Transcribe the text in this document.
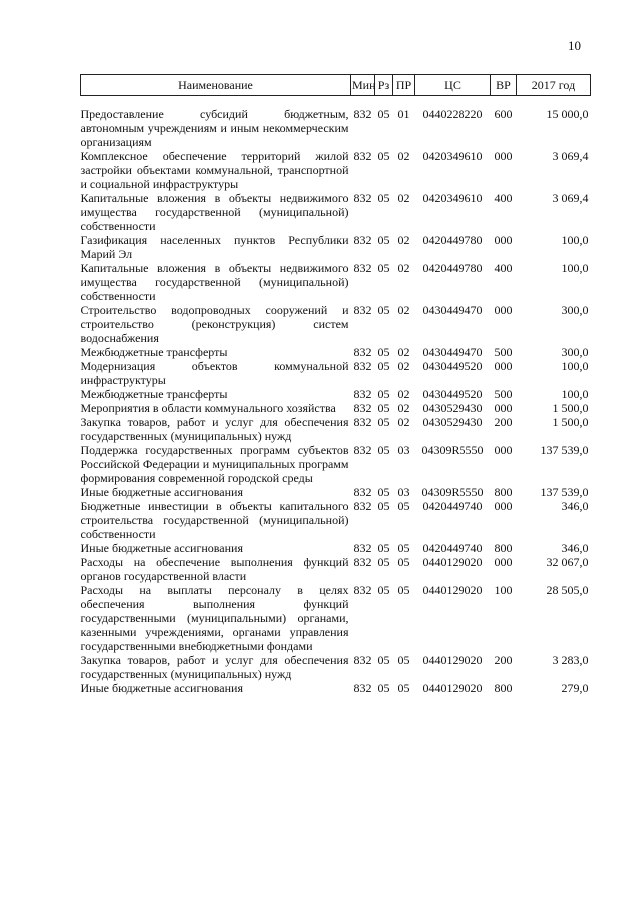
10
Наименование	Мин	Рз	ПР	ЦС	ВР	2017 год
Предоставление субсидий бюджетным, автономным учреждениям и иным некоммерческим организациям	832	05	01	0440228220	600	15 000,0
Комплексное обеспечение территорий жилой застройки объектами коммунальной, транспортной и социальной инфраструктуры	832	05	02	0420349610	000	3 069,4
Капитальные вложения в объекты недвижимого имущества государственной (муниципальной) собственности	832	05	02	0420349610	400	3 069,4
Газификация населенных пунктов Республики Марий Эл	832	05	02	0420449780	000	100,0
Капитальные вложения в объекты недвижимого имущества государственной (муниципальной) собственности	832	05	02	0420449780	400	100,0
Строительство водопроводных сооружений и строительство (реконструкция) систем водоснабжения	832	05	02	0430449470	000	300,0
Межбюджетные трансферты	832	05	02	0430449470	500	300,0
Модернизация объектов коммунальной инфраструктуры	832	05	02	0430449520	000	100,0
Межбюджетные трансферты	832	05	02	0430449520	500	100,0
Мероприятия в области коммунального хозяйства	832	05	02	0430529430	000	1 500,0
Закупка товаров, работ и услуг для обеспечения государственных (муниципальных) нужд	832	05	02	0430529430	200	1 500,0
Поддержка государственных программ субъектов Российской Федерации и муниципальных программ формирования современной городской среды	832	05	03	04309R5550	000	137 539,0
Иные бюджетные ассигнования	832	05	03	04309R5550	800	137 539,0
Бюджетные инвестиции в объекты капитального строительства государственной (муниципальной) собственности	832	05	05	0420449740	000	346,0
Иные бюджетные ассигнования	832	05	05	0420449740	800	346,0
Расходы на обеспечение выполнения функций органов государственной власти	832	05	05	0440129020	000	32 067,0
Расходы на выплаты персоналу в целях обеспечения выполнения функций государственными (муниципальными) органами, казенными учреждениями, органами управления государственными внебюджетными фондами	832	05	05	0440129020	100	28 505,0
Закупка товаров, работ и услуг для обеспечения государственных (муниципальных) нужд	832	05	05	0440129020	200	3 283,0
Иные бюджетные ассигнования	832	05	05	0440129020	800	279,0
